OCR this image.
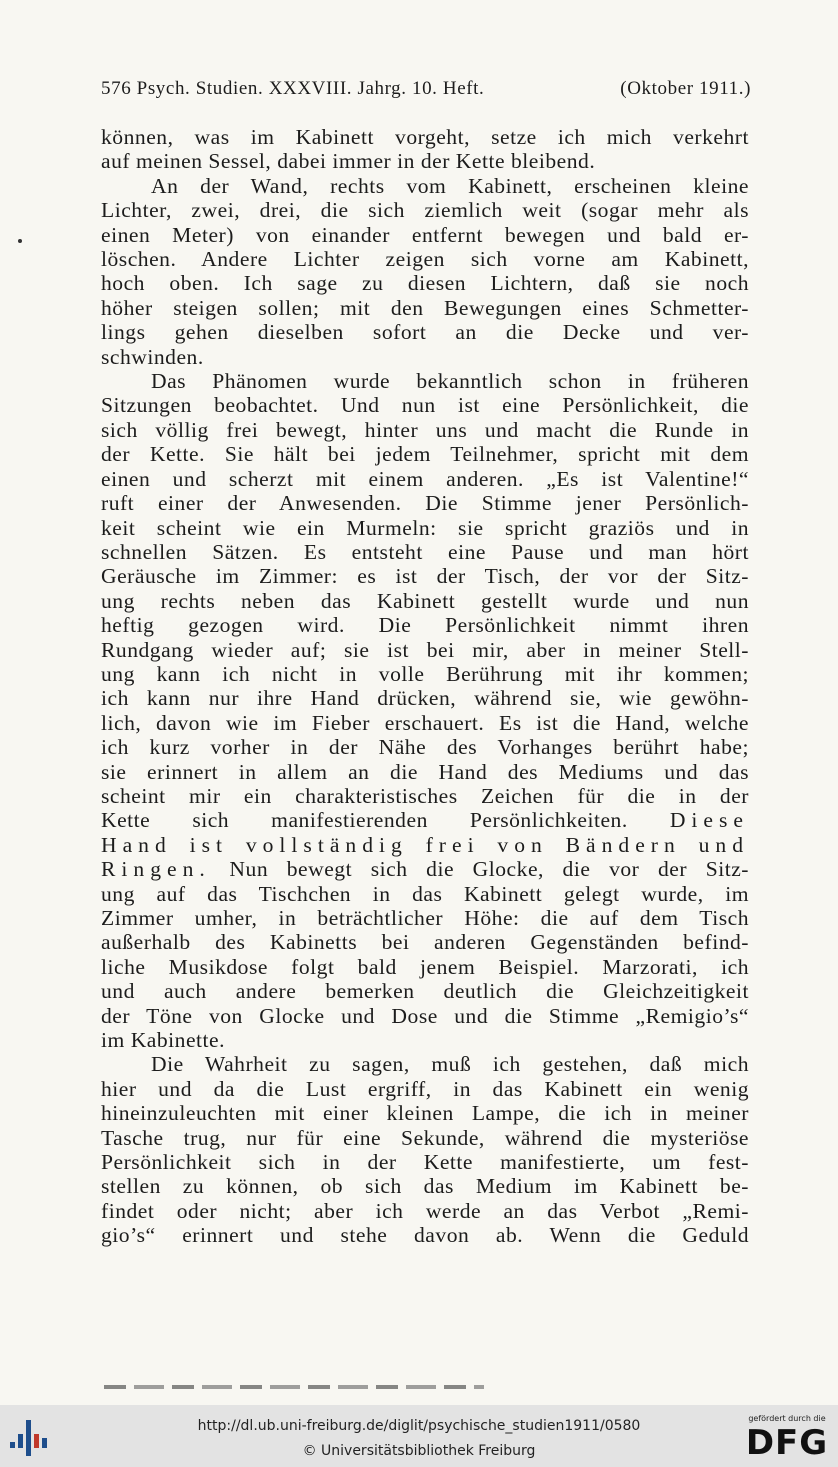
576 Psych. Studien. XXXVIII. Jahrg. 10. Heft.	(Oktober 1911.)

können, was im Kabinett vorgeht, setze ich mich verkehrt

auf meinen Sessel, dabei immer in der Kette bleibend.

An der Wand, rechts vom Kabinett, erscheinen kleine

Lichter, zwei, drei, die sich ziemlich weit (sogar mehr als

einen Meter) von einander entfernt bewegen und bald er-

löschen. Andere Lichter zeigen sich vorne am Kabinett,

hoch oben. Ich sage zu diesen Lichtern, daß sie noch

höher steigen sollen; mit den Bewegungen eines Schmetter-

lings gehen dieselben sofort an die Decke und ver-

schwinden.

Das Phänomen wurde bekanntlich schon in früheren

Sitzungen beobachtet. Und nun ist eine Persönlichkeit, die

sich völlig frei bewegt, hinter uns und macht die Runde in

der Kette. Sie hält bei jedem Teilnehmer, spricht mit dem

einen und scherzt mit einem anderen. „Es ist Valentine!“

ruft einer der Anwesenden. Die Stimme jener Persönlich-

keit scheint wie ein Murmeln: sie spricht graziös und in

schnellen Sätzen. Es entsteht eine Pause und man hört

Geräusche im Zimmer: es ist der Tisch, der vor der Sitz-

ung rechts neben das Kabinett gestellt wurde und nun

heftig gezogen wird. Die Persönlichkeit nimmt ihren

Rundgang wieder auf; sie ist bei mir, aber in meiner Stell-

ung kann ich nicht in volle Berührung mit ihr kommen;

ich kann nur ihre Hand drücken, während sie, wie gewöhn-

lich, davon wie im Fieber erschauert. Es ist die Hand, welche

ich kurz vorher in der Nähe des Vorhanges berührt habe;

sie erinnert in allem an die Hand des Mediums und das

scheint mir ein charakteristisches Zeichen für die in der

Kette sich manifestierenden Persönlichkeiten. Diese

Hand ist vollständig frei von Bändern und

Ringen. Nun bewegt sich die Glocke, die vor der Sitz-

ung auf das Tischchen in das Kabinett gelegt wurde, im

Zimmer umher, in beträchtlicher Höhe: die auf dem Tisch

außerhalb des Kabinetts bei anderen Gegenständen befind-

liche Musikdose folgt bald jenem Beispiel. Marzorati, ich

und auch andere bemerken deutlich die Gleichzeitigkeit

der Töne von Glocke und Dose und die Stimme „Remigio’s“

im Kabinette.

Die Wahrheit zu sagen, muß ich gestehen, daß mich

hier und da die Lust ergriff, in das Kabinett ein wenig

hineinzuleuchten mit einer kleinen Lampe, die ich in meiner

Tasche trug, nur für eine Sekunde, während die mysteriöse

Persönlichkeit sich in der Kette manifestierte, um fest-

stellen zu können, ob sich das Medium im Kabinett be-

findet oder nicht; aber ich werde an das Verbot „Remi-

gio’s“ erinnert und stehe davon ab. Wenn die Geduld

http://dl.ub.uni-freiburg.de/diglit/psychische_studien1911/0580
© Universitätsbibliothek Freiburg
gefördert durch die
DFG
